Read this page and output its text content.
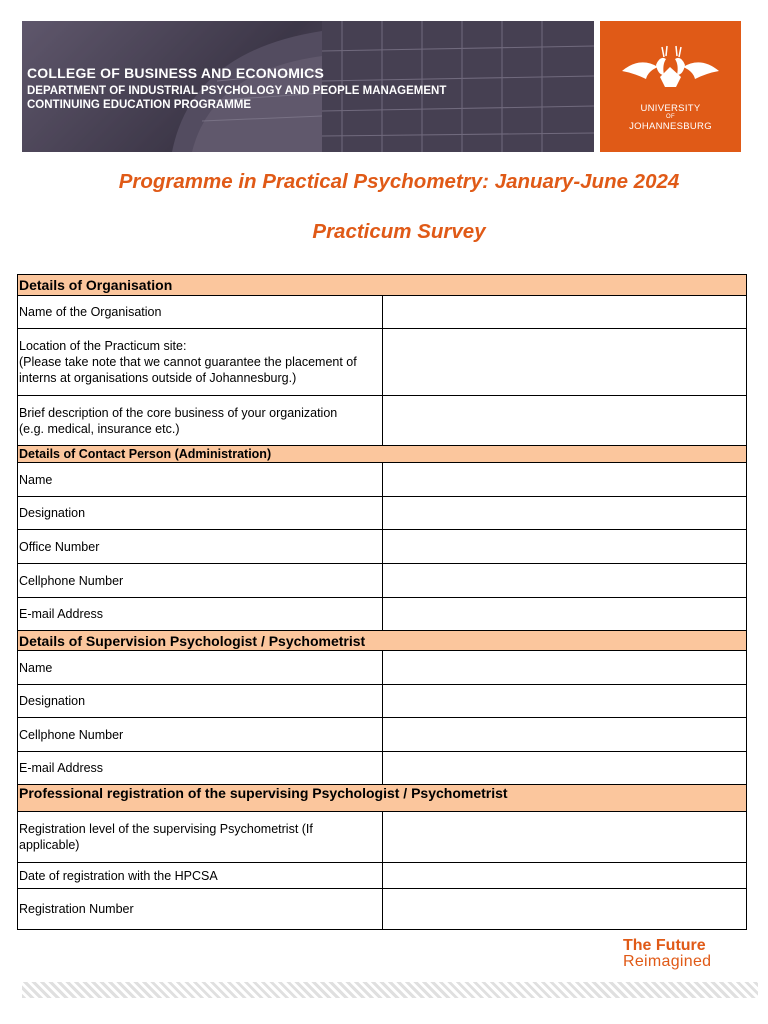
COLLEGE OF BUSINESS AND ECONOMICS
DEPARTMENT OF INDUSTRIAL PSYCHOLOGY AND PEOPLE MANAGEMENT
CONTINUING EDUCATION PROGRAMME	UNIVERSITY
OF
JOHANNESBURG
Programme in Practical Psychometry: January-June 2024
Practicum Survey
Details of Organisation	
Name of the Organisation	

Location of the Practicum site:
(Please take note that we cannot guarantee the placement of
interns at organisations outside of Johannesburg.)	

Brief description of the core business of your organization
(e.g. medical, insurance etc.)	

Details of Contact Person (Administration)	
Name	
Designation	
Office Number	
Cellphone Number	
E-mail Address	
Details of Supervision Psychologist / Psychometrist	
Name	
Designation	
Cellphone Number	
E-mail Address	
Professional registration of the supervising Psychologist / Psychometrist	

Registration level of the supervising Psychometrist (If
applicable)	

Date of registration with the HPCSA	
Registration Number	
The Future
Reimagined
